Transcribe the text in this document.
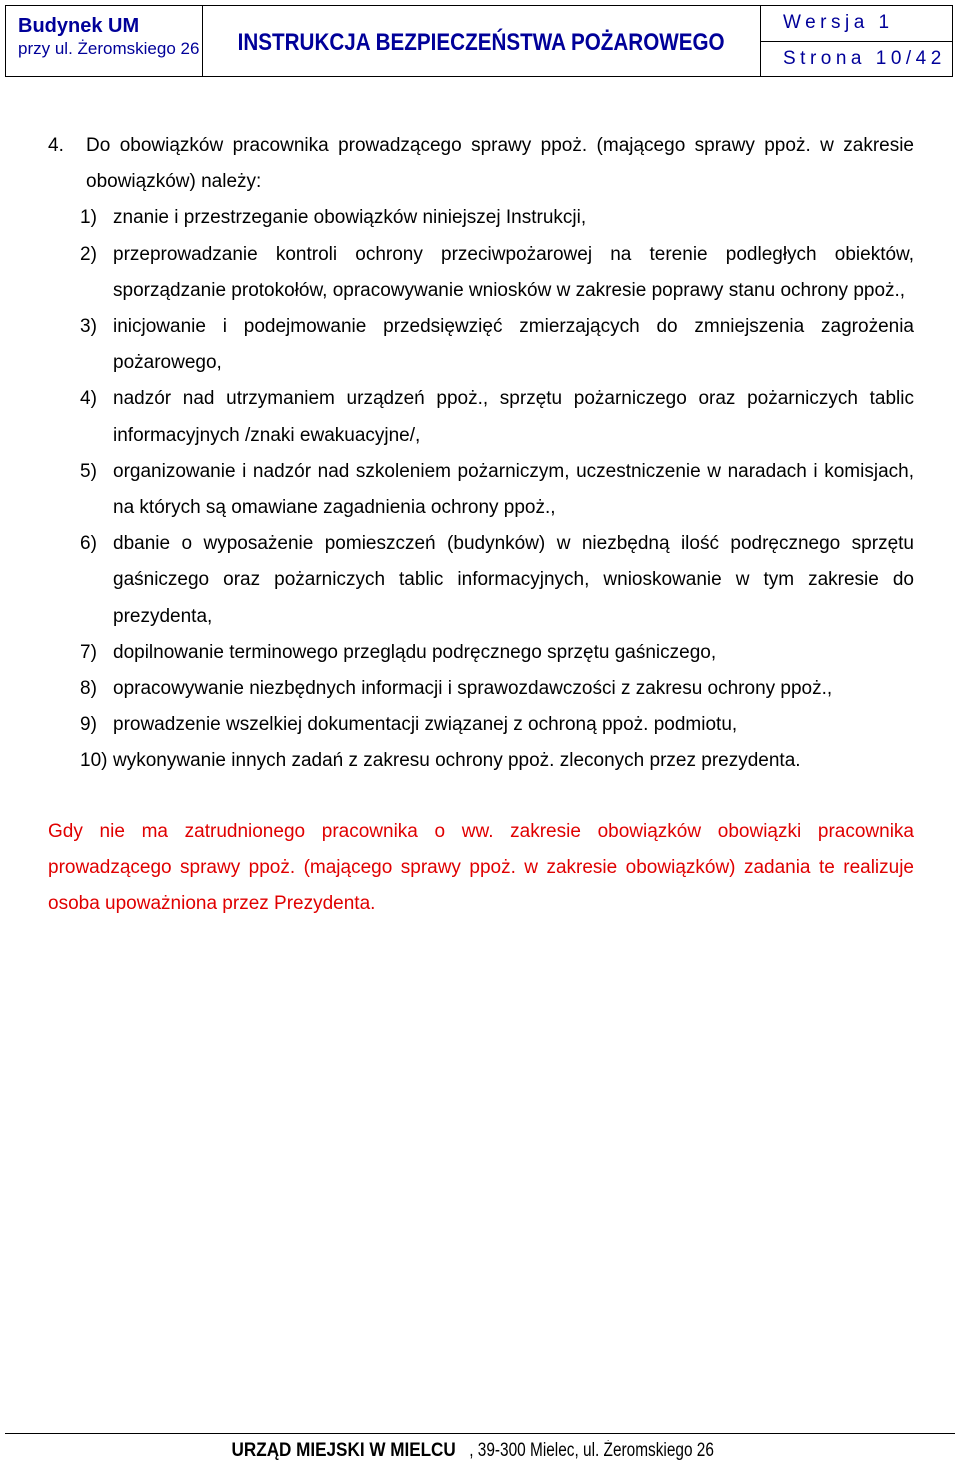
Budynek UM
przy ul. Żeromskiego 26 INSTRUKCJA BEZPIECZEŃSTWA POŻAROWEGO
Wersja 1
Strona 10/42
4. Do obowiązków pracownika prowadzącego sprawy ppoż. (mającego sprawy ppoż. w zakresie obowiązków) należy:
1) znanie i przestrzeganie obowiązków niniejszej Instrukcji,
2) przeprowadzanie kontroli ochrony przeciwpożarowej na terenie podległych obiektów, sporządzanie protokołów, opracowywanie wniosków w zakresie poprawy stanu ochrony ppoż.,
3) inicjowanie i podejmowanie przedsięwzięć zmierzających do zmniejszenia zagrożenia pożarowego,
4) nadzór nad utrzymaniem urządzeń ppoż., sprzętu pożarniczego oraz pożarniczych tablic informacyjnych /znaki ewakuacyjne/,
5) organizowanie i nadzór nad szkoleniem pożarniczym, uczestniczenie w naradach i komisjach, na których są omawiane zagadnienia ochrony ppoż.,
6) dbanie o wyposażenie pomieszczeń (budynków) w niezbędną ilość podręcznego sprzętu gaśniczego oraz pożarniczych tablic informacyjnych, wnioskowanie w tym zakresie do prezydenta,
7) dopilnowanie terminowego przeglądu podręcznego sprzętu gaśniczego,
8) opracowywanie niezbędnych informacji i sprawozdawczości z zakresu ochrony ppoż.,
9) prowadzenie wszelkiej dokumentacji związanej z ochroną ppoż. podmiotu,
10) wykonywanie innych zadań z zakresu ochrony ppoż. zleconych przez prezydenta.
Gdy nie ma zatrudnionego pracownika o ww. zakresie obowiązków obowiązki pracownika prowadzącego sprawy ppoż. (mającego sprawy ppoż. w zakresie obowiązków) zadania te realizuje osoba upoważniona przez Prezydenta.
URZĄD MIEJSKI W MIELCU , 39-300 Mielec, ul. Żeromskiego 26
